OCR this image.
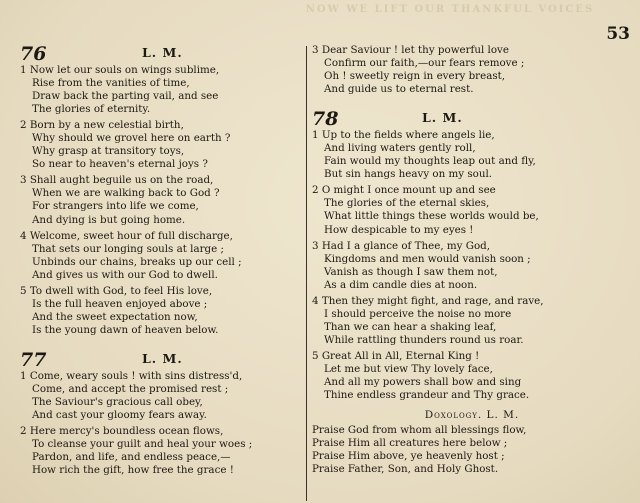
NOW WE LIFT OUR THANKFUL VOICES
53
76	L. M.
1 Now let our souls on wings sublime,
Rise from the vanities of time,
Draw back the parting vail, and see
The glories of eternity.
2 Born by a new celestial birth,
Why should we grovel here on earth ?
Why grasp at transitory toys,
So near to heaven's eternal joys ?
3 Shall aught beguile us on the road,
When we are walking back to God ?
For strangers into life we come,
And dying is but going home.
4 Welcome, sweet hour of full discharge,
That sets our longing souls at large ;
Unbinds our chains, breaks up our cell ;
And gives us with our God to dwell.
5 To dwell with God, to feel His love,
Is the full heaven enjoyed above ;
And the sweet expectation now,
Is the young dawn of heaven below.
77	L. M.
1 Come, weary souls ! with sins distress'd,
Come, and accept the promised rest ;
The Saviour's gracious call obey,
And cast your gloomy fears away.
2 Here mercy's boundless ocean flows,
To cleanse your guilt and heal your woes ;
Pardon, and life, and endless peace,—
How rich the gift, how free the grace !
3 Dear Saviour ! let thy powerful love
Confirm our faith,—our fears remove ;
Oh ! sweetly reign in every breast,
And guide us to eternal rest.
78	L. M.
1 Up to the fields where angels lie,
And living waters gently roll,
Fain would my thoughts leap out and fly,
But sin hangs heavy on my soul.
2 O might I once mount up and see
The glories of the eternal skies,
What little things these worlds would be,
How despicable to my eyes !
3 Had I a glance of Thee, my God,
Kingdoms and men would vanish soon ;
Vanish as though I saw them not,
As a dim candle dies at noon.
4 Then they might fight, and rage, and rave,
I should perceive the noise no more
Than we can hear a shaking leaf,
While rattling thunders round us roar.
5 Great All in All, Eternal King !
Let me but view Thy lovely face,
And all my powers shall bow and sing
Thine endless grandeur and Thy grace.
Doxology. L. M.
Praise God from whom all blessings flow,
Praise Him all creatures here below ;
Praise Him above, ye heavenly host ;
Praise Father, Son, and Holy Ghost.
